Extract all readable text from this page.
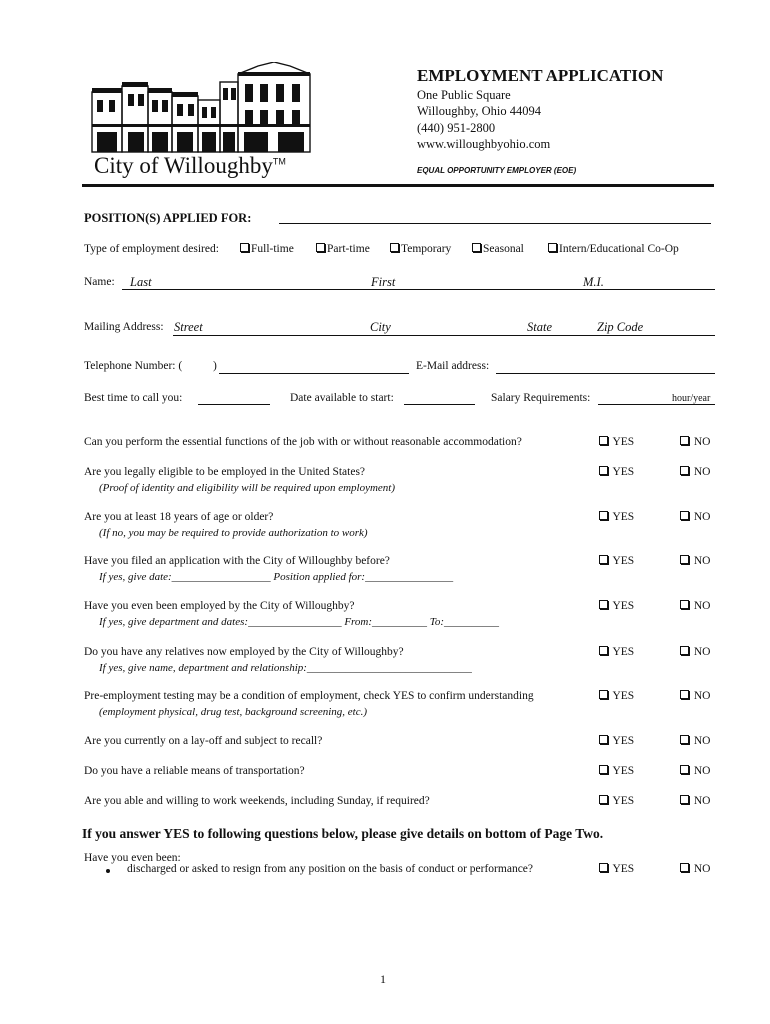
City of Willoughby™
EMPLOYMENT APPLICATION
One Public Square
Willoughby, Ohio 44094
(440) 951-2800
www.willoughbyohio.com
EQUAL OPPORTUNITY EMPLOYER (EOE)
POSITION(S) APPLIED FOR:
Type of employment desired:	Full-time	Part-time	Temporary	Seasonal	Intern/Educational Co-Op
Name: Last	First	M.I.
Mailing Address: Street	City	State	Zip Code
Telephone Number: (	)	E-Mail address:
Best time to call you:	Date available to start:	Salary Requirements:	hour/year
Can you perform the essential functions of the job with or without reasonable accommodation?	YES	NO
Are you legally eligible to be employed in the United States?
(Proof of identity and eligibility will be required upon employment)
YES	NO
Are you at least 18 years of age or older?
(If no, you may be required to provide authorization to work)
YES	NO
Have you filed an application with the City of Willoughby before?
If yes, give date:__________________ Position applied for:________________
YES	NO
Have you even been employed by the City of Willoughby?
If yes, give department and dates:_________________ From:__________ To:__________
YES	NO
Do you have any relatives now employed by the City of Willoughby?
If yes, give name, department and relationship:______________________________
YES	NO
Pre-employment testing may be a condition of employment, check YES to confirm understanding
(employment physical, drug test, background screening, etc.)
YES	NO
Are you currently on a lay-off and subject to recall?	YES	NO
Do you have a reliable means of transportation?	YES	NO
Are you able and willing to work weekends, including Sunday, if required?	YES	NO
If you answer YES to following questions below, please give details on bottom of Page Two.
Have you even been:
discharged or asked to resign from any position on the basis of conduct or performance?	YES	NO
1
